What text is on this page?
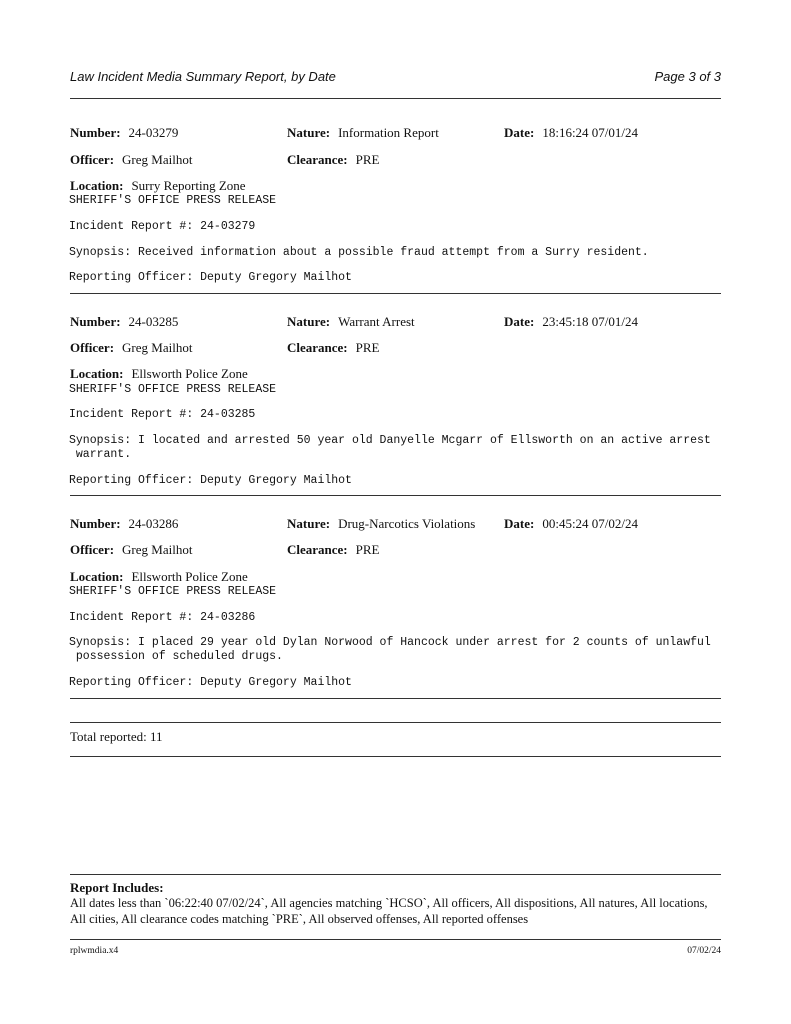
Law Incident Media Summary Report, by Date	Page 3 of 3
Number: 24-03279	Nature: Information Report	Date: 18:16:24 07/01/24
Officer: Greg Mailhot	Clearance: PRE
Location: Surry Reporting Zone
SHERIFF'S OFFICE PRESS RELEASE
Incident Report #: 24-03279
Synopsis: Received information about a possible fraud attempt from a Surry resident.
Reporting Officer: Deputy Gregory Mailhot
Number: 24-03285	Nature: Warrant Arrest	Date: 23:45:18 07/01/24
Officer: Greg Mailhot	Clearance: PRE
Location: Ellsworth Police Zone
SHERIFF'S OFFICE PRESS RELEASE
Incident Report #: 24-03285
Synopsis: I located and arrested 50 year old Danyelle Mcgarr of Ellsworth on an active arrest
warrant.
Reporting Officer: Deputy Gregory Mailhot
Number: 24-03286	Nature: Drug-Narcotics Violations Date: 00:45:24 07/02/24
Officer: Greg Mailhot	Clearance: PRE
Location: Ellsworth Police Zone
SHERIFF'S OFFICE PRESS RELEASE
Incident Report #: 24-03286
Synopsis: I placed 29 year old Dylan Norwood of Hancock under arrest for 2 counts of unlawful
possession of scheduled drugs.
Reporting Officer: Deputy Gregory Mailhot
Total reported: 11
Report Includes:
All dates less than `06:22:40 07/02/24`, All agencies matching `HCSO`, All officers, All dispositions, All natures, All locations, All cities, All clearance codes matching `PRE`, All observed offenses, All reported offenses
rplwmdia.x4	07/02/24
